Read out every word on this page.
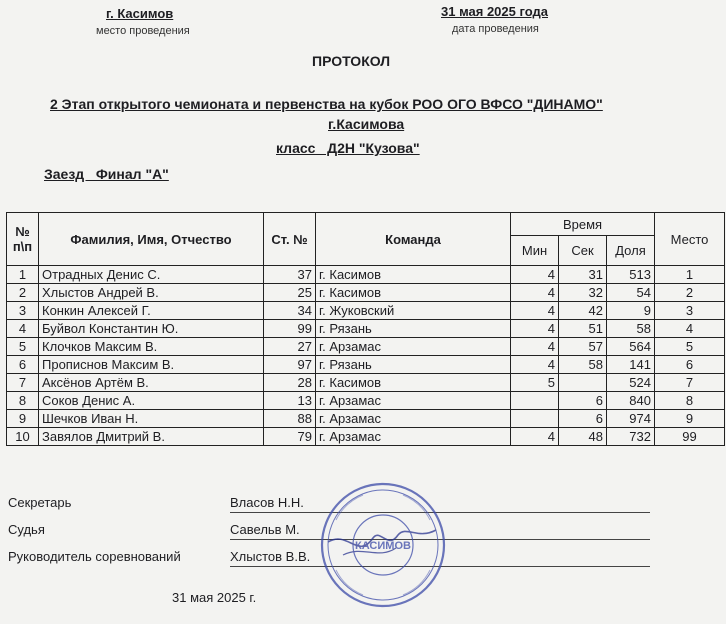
г. Касимов
место проведения
31 мая 2025 года
дата проведения
ПРОТОКОЛ
2 Этап открытого чемионата и первенства на кубок РОО ОГО ВФСО "ДИНАМО"
г.Касимова
класс   Д2Н "Кузова"
Заезд   Финал "А"
№
п\п	Фамилия, Имя, Отчество	Ст. №	Команда	Время			Место
				Мин	Сек	Доля	
1	Отрадных Денис С.	37	г. Касимов	4	31	513	1
2	Хлыстов Андрей В.	25	г. Касимов	4	32	54	2
3	Конкин Алексей Г.	34	г. Жуковский	4	42	9	3
4	Буйвол Константин Ю.	99	г. Рязань	4	51	58	4
5	Клочков Максим В.	27	г. Арзамас	4	57	564	5
6	Прописнов Максим В.	97	г. Рязань	4	58	141	6
7	Аксёнов Артём В.	28	г. Касимов	5		524	7
8	Соков Денис А.	13	г. Арзамас		6	840	8
9	Шечков Иван Н.	88	г. Арзамас		6	974	9
10	Завялов Дмитрий В.	79	г. Арзамас	4	48	732	99
Секретарь	Власов Н.Н.
Судья	Савельв М.
Руководитель соревнований	Хлыстов В.В.
31 мая 2025 г.
КАСИМОВ
